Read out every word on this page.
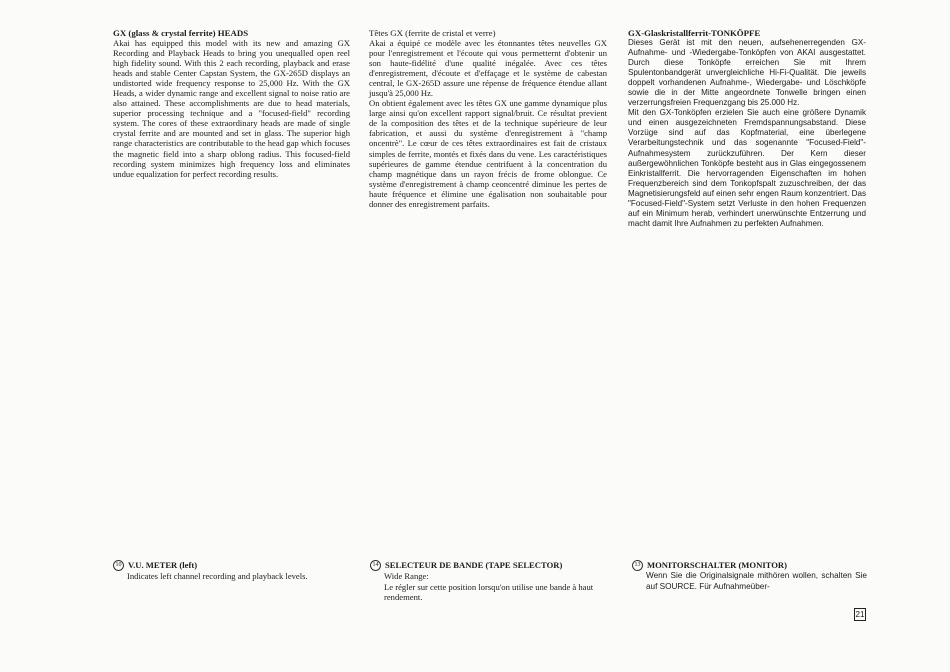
GX (glass & crystal ferrite) HEADS

Akai has equipped this model with its new and amazing GX Recording and Playback Heads to bring you unequalled open reel high fidelity sound. With this 2 each recording, playback and erase heads and stable Center Capstan System, the GX-265D displays an undistorted wide frequency response to 25,000 Hz. With the GX Heads, a wider dynamic range and excellent signal to noise ratio are also attained. These accomplishments are due to head materials, superior processing technique and a "focused-field" recording system. The cores of these extraordinary heads are made of single crystal ferrite and are mounted and set in glass. The superior high range characteristics are contributable to the head gap which focuses the magnetic field into a sharp oblong radius. This focused-field recording system minimizes high frequency loss and eliminates undue equalization for perfect recording results.

Têtes GX (ferrite de cristal et verre)

Akai a équipé ce modèle avec les étonnantes têtes neuvelles GX pour l'enregistrement et l'écoute qui vous permetternt d'obtenir un son haute-fidélité d'une qualité inégalée. Avec ces têtes d'enregistrement, d'écoute et d'effaçage et le système de cabestan central, le GX-265D assure une répense de fréquence étendue allant jusqu'à 25,000 Hz.

On obtient également avec les têtes GX une gamme dynamique plus large ainsi qu'on excellent rapport signal/bruit. Ce résultat previent de la composition des têtes et de la technique supérieure de leur fabrication, et aussi du système d'enregistrement à "champ oncentrè". Le cœur de ces têtes extraordinaires est fait de cristaux simples de ferrite, montés et fixés dans du vene. Les caractéristiques supérieures de gamme étendue centrifuent à la concentration du champ magnétique dans un rayon frécis de frome oblongue. Ce système d'enregistrement à champ ceoncentré diminue les pertes de haute fréquence et élimine une égalisation non souhaitable pour donner des enregistrement parfaits.

GX-Glaskristallferrit-TONKÖPFE

Dieses Gerät ist mit den neuen, aufsehenerregenden GX-Aufnahme- und -Wiedergabe-Tonköpfen von AKAI ausgestattet. Durch diese Tonköpfe erreichen Sie mit Ihrem Spulentonbandgerät unvergleichliche Hi-Fi-Qualität. Die jeweils doppelt vorhandenen Aufnahme-, Wiedergabe- und Löschköpfe sowie die in der Mitte angeordnete Tonwelle bringen einen verzerrungsfreien Frequenzgang bis 25.000 Hz.

Mit den GX-Tonköpfen erzielen Sie auch eine größere Dynamik und einen ausgezeichneten Fremdspannungsabstand. Diese Vorzüge sind auf das Kopfmaterial, eine überlegene Verarbeitungstechnik und das sogenannte "Focused-Field"-Aufnahmesystem zurückzuführen. Der Kern dieser außergewöhnlichen Tonköpfe besteht aus in Glas eingegossenem Einkristallferrit. Die hervorragenden Eigenschaften im hohen Frequenzbereich sind dem Tonkopfspalt zuzuschreiben, der das Magnetisierungsfeld auf einen sehr engen Raum konzentriert. Das "Focused-Field"-System setzt Verluste in den hohen Frequenzen auf ein Minimum herab, verhindert unerwünschte Entzerrung und macht damit Ihre Aufnahmen zu perfekten Aufnahmen.

10 V.U. METER (left)
Indicates left channel recording and playback levels.
14 SELECTEUR DE BANDE (TAPE SELECTOR)
Wide Range:
Le régler sur cette position lorsqu'on utilise une bande à haut rendement.
13 MONITORSCHALTER (MONITOR)
Wenn Sie die Originalsignale mithören wollen, schalten Sie auf SOURCE. Für Aufnahmeüber-
21
